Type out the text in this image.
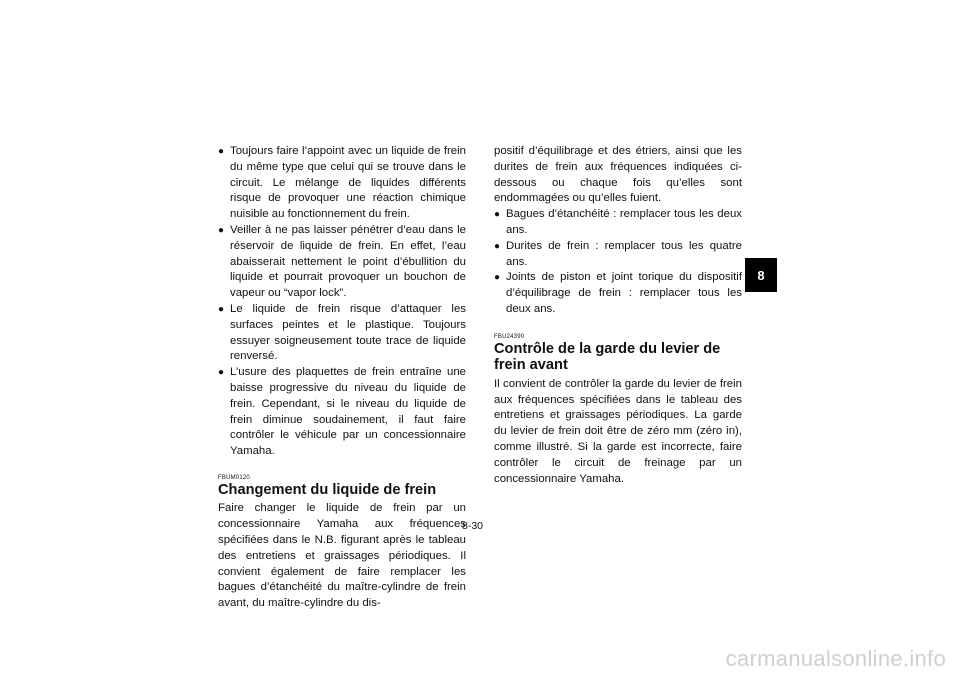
● Toujours faire l’appoint avec un liquide de frein du même type que celui qui se trouve dans le circuit. Le mélange de liquides différents risque de provoquer une réaction chimique nuisible au fonctionnement du frein.
● Veiller à ne pas laisser pénétrer d’eau dans le réservoir de liquide de frein. En effet, l’eau abaisserait nettement le point d’ébullition du liquide et pourrait provoquer un bouchon de vapeur ou “vapor lock”.
● Le liquide de frein risque d’attaquer les surfaces peintes et le plastique. Toujours essuyer soigneusement toute trace de liquide renversé.
● L’usure des plaquettes de frein entraîne une baisse progressive du niveau du liquide de frein. Cependant, si le niveau du liquide de frein diminue soudainement, il faut faire contrôler le véhicule par un concessionnaire Yamaha.
FBUM0120
Changement du liquide de frein

Faire changer le liquide de frein par un concessionnaire Yamaha aux fréquences spécifiées dans le N.B. figurant après le tableau des entretiens et graissages périodiques. Il convient également de faire remplacer les bagues d’étanchéité du maître-cylindre de frein avant, du maître-cylindre du dis-

positif d’équilibrage et des étriers, ainsi que les durites de frein aux fréquences indiquées ci-dessous ou chaque fois qu’elles sont endommagées ou qu’elles fuient.

● Bagues d’étanchéité : remplacer tous les deux ans.
● Durites de frein : remplacer tous les quatre ans.
● Joints de piston et joint torique du dispositif d’équilibrage de frein : remplacer tous les deux ans.
FBU24390
Contrôle de la garde du levier de frein avant

Il convient de contrôler la garde du levier de frein aux fréquences spécifiées dans le tableau des entretiens et graissages périodiques. La garde du levier de frein doit être de zéro mm (zéro in), comme illustré. Si la garde est incorrecte, faire contrôler le circuit de freinage par un concessionnaire Yamaha.

8-30
8
carmanualsonline.info
